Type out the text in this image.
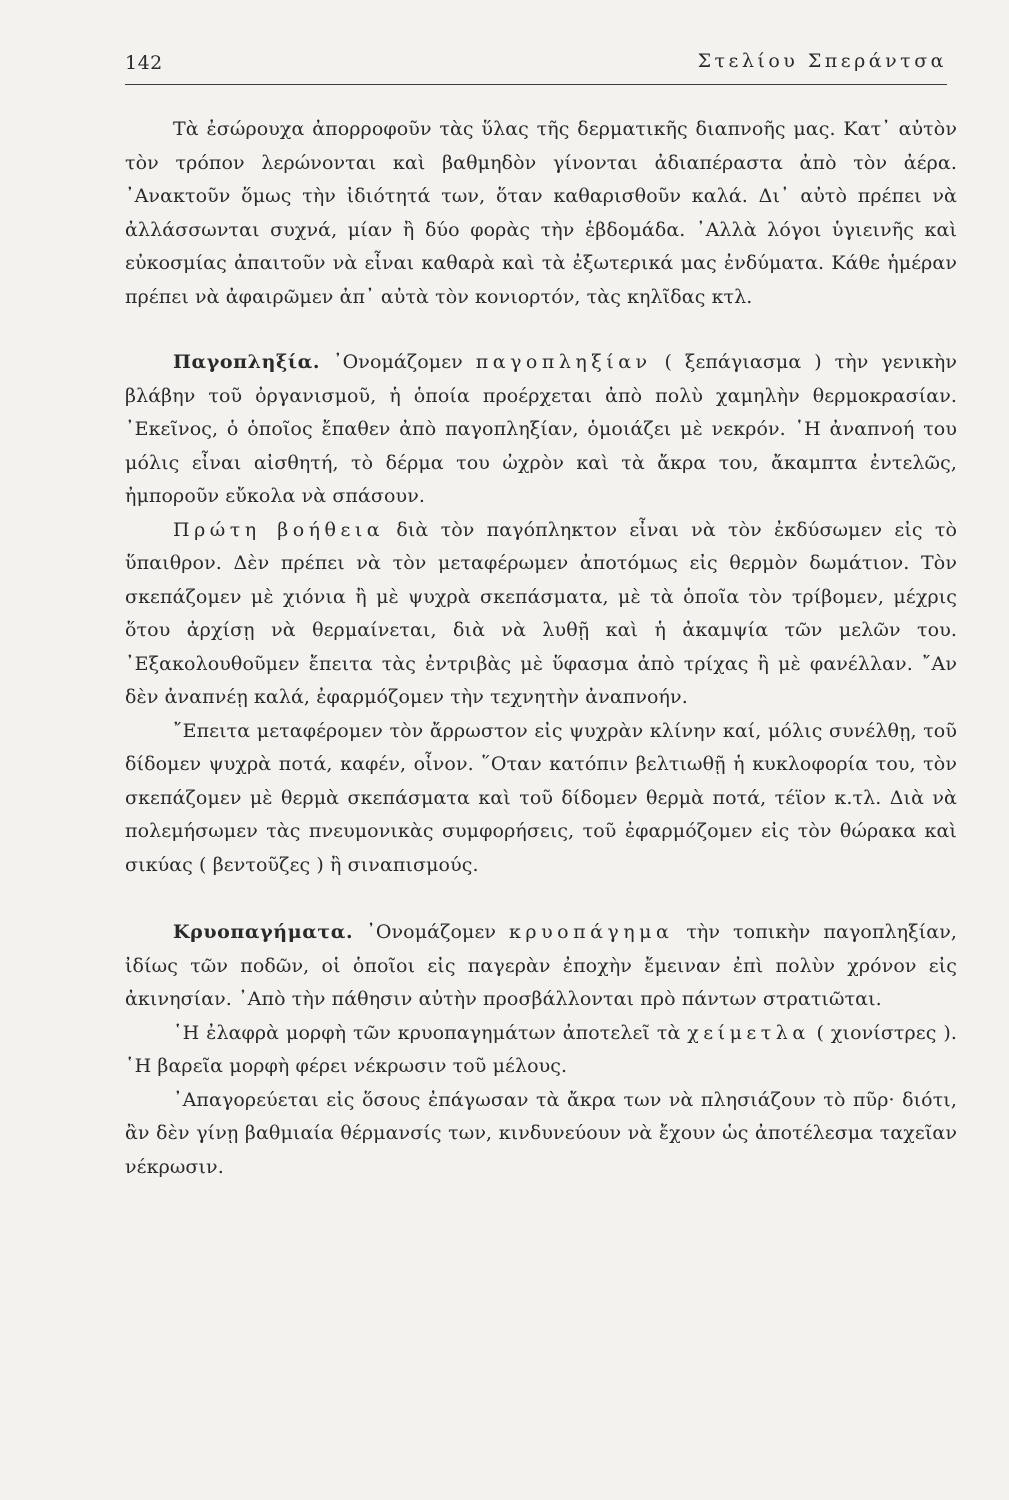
142	Στελίου Σπεράντσα

Τὰ ἐσώρουχα ἀπορροφοῦν τὰς ὕλας τῆς δερματικῆς διαπνοῆς μας. Κατ᾿ αὐτὸν τὸν τρόπον λερώνονται καὶ βαθμηδὸν γίνονται ἀδιαπέραστα ἀπὸ τὸν ἀέρα. ᾿Ανακτοῦν ὅμως τὴν ἰδιότητά των, ὅταν καθαρισθοῦν καλά. Δι᾿ αὐτὸ πρέπει νὰ ἀλλάσσωνται συχνά, μίαν ἢ δύο φορὰς τὴν ἑβδομάδα. ᾿Αλλὰ λόγοι ὑγιεινῆς καὶ εὐκοσμίας ἀπαιτοῦν νὰ εἶναι καθαρὰ καὶ τὰ ἐξωτερικά μας ἐνδύματα. Κάθε ἡμέραν πρέπει νὰ ἀφαιρῶμεν ἀπ᾿ αὐτὰ τὸν κονιορτόν, τὰς κηλῖδας κτλ.

Παγοπληξία. ᾿Ονομάζομεν παγοπληξίαν ( ξεπάγιασμα ) τὴν γενικὴν βλάβην τοῦ ὀργανισμοῦ, ἡ ὁποία προέρχεται ἀπὸ πολὺ χαμηλὴν θερμοκρασίαν. ᾿Εκεῖνος, ὁ ὁποῖος ἔπαθεν ἀπὸ παγοπληξίαν, ὁμοιάζει μὲ νεκρόν. ῾Η ἀναπνοή του μόλις εἶναι αἰσθητή, τὸ δέρμα του ὠχρὸν καὶ τὰ ἄκρα του, ἄκαμπτα ἐντελῶς, ἠμποροῦν εὔκολα νὰ σπάσουν.

Πρώτη βοήθεια διὰ τὸν παγόπληκτον εἶναι νὰ τὸν ἐκδύσωμεν εἰς τὸ ὕπαιθρον. Δὲν πρέπει νὰ τὸν μεταφέρωμεν ἀποτόμως εἰς θερμὸν δωμάτιον. Τὸν σκεπάζομεν μὲ χιόνια ἢ μὲ ψυχρὰ σκεπάσματα, μὲ τὰ ὁποῖα τὸν τρίβομεν, μέχρις ὅτου ἀρχίσῃ νὰ θερμαίνεται, διὰ νὰ λυθῇ καὶ ἡ ἀκαμψία τῶν μελῶν του. ᾿Εξακολουθοῦμεν ἔπειτα τὰς ἐντριβὰς μὲ ὕφασμα ἀπὸ τρίχας ἢ μὲ φανέλλαν. ῎Αν δὲν ἀναπνέῃ καλά, ἐφαρμόζομεν τὴν τεχνητὴν ἀναπνοήν.

῎Επειτα μεταφέρομεν τὸν ἄρρωστον εἰς ψυχρὰν κλίνην καί, μόλις συνέλθῃ, τοῦ δίδομεν ψυχρὰ ποτά, καφέν, οἶνον. ῞Οταν κατόπιν βελτιωθῇ ἡ κυκλοφορία του, τὸν σκεπάζομεν μὲ θερμὰ σκεπάσματα καὶ τοῦ δίδομεν θερμὰ ποτά, τέϊον κ.τλ. Διὰ νὰ πολεμήσωμεν τὰς πνευμονικὰς συμφορήσεις, τοῦ ἐφαρμόζομεν εἰς τὸν θώρακα καὶ σικύας ( βεντοῦζες ) ἢ σιναπισμούς.

Κρυοπαγήματα. ᾿Ονομάζομεν κρυοπάγημα τὴν τοπικὴν παγοπληξίαν, ἰδίως τῶν ποδῶν, οἱ ὁποῖοι εἰς παγερὰν ἐποχὴν ἔμειναν ἐπὶ πολὺν χρόνον εἰς ἀκινησίαν. ᾿Απὸ τὴν πάθησιν αὐτὴν προσβάλλονται πρὸ πάντων στρατιῶται.

῾Η ἐλαφρὰ μορφὴ τῶν κρυοπαγημάτων ἀποτελεῖ τὰ χείμετλα ( χιονίστρες ). ῾Η βαρεῖα μορφὴ φέρει νέκρωσιν τοῦ μέλους.

᾿Απαγορεύεται εἰς ὅσους ἐπάγωσαν τὰ ἄκρα των νὰ πλησιάζουν τὸ πῦρ· διότι, ἂν δὲν γίνῃ βαθμιαία θέρμανσίς των, κινδυνεύουν νὰ ἔχουν ὡς ἀποτέλεσμα ταχεῖαν νέκρωσιν.
